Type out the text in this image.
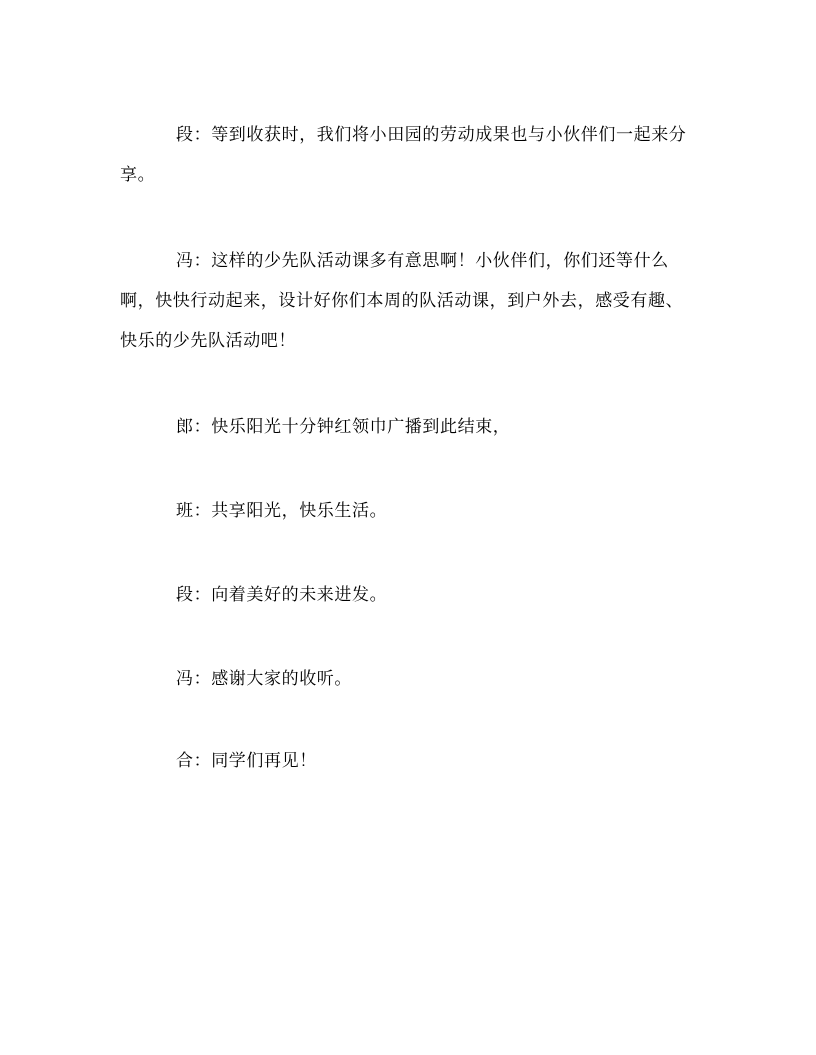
段：等到收获时，我们将小田园的劳动成果也与小伙伴们一起来分享。

冯：这样的少先队活动课多有意思啊！小伙伴们，你们还等什么啊，快快行动起来，设计好你们本周的队活动课，到户外去，感受有趣、快乐的少先队活动吧！

郎：快乐阳光十分钟红领巾广播到此结束，

班：共享阳光，快乐生活。

段：向着美好的未来进发。

冯：感谢大家的收听。

合：同学们再见！
